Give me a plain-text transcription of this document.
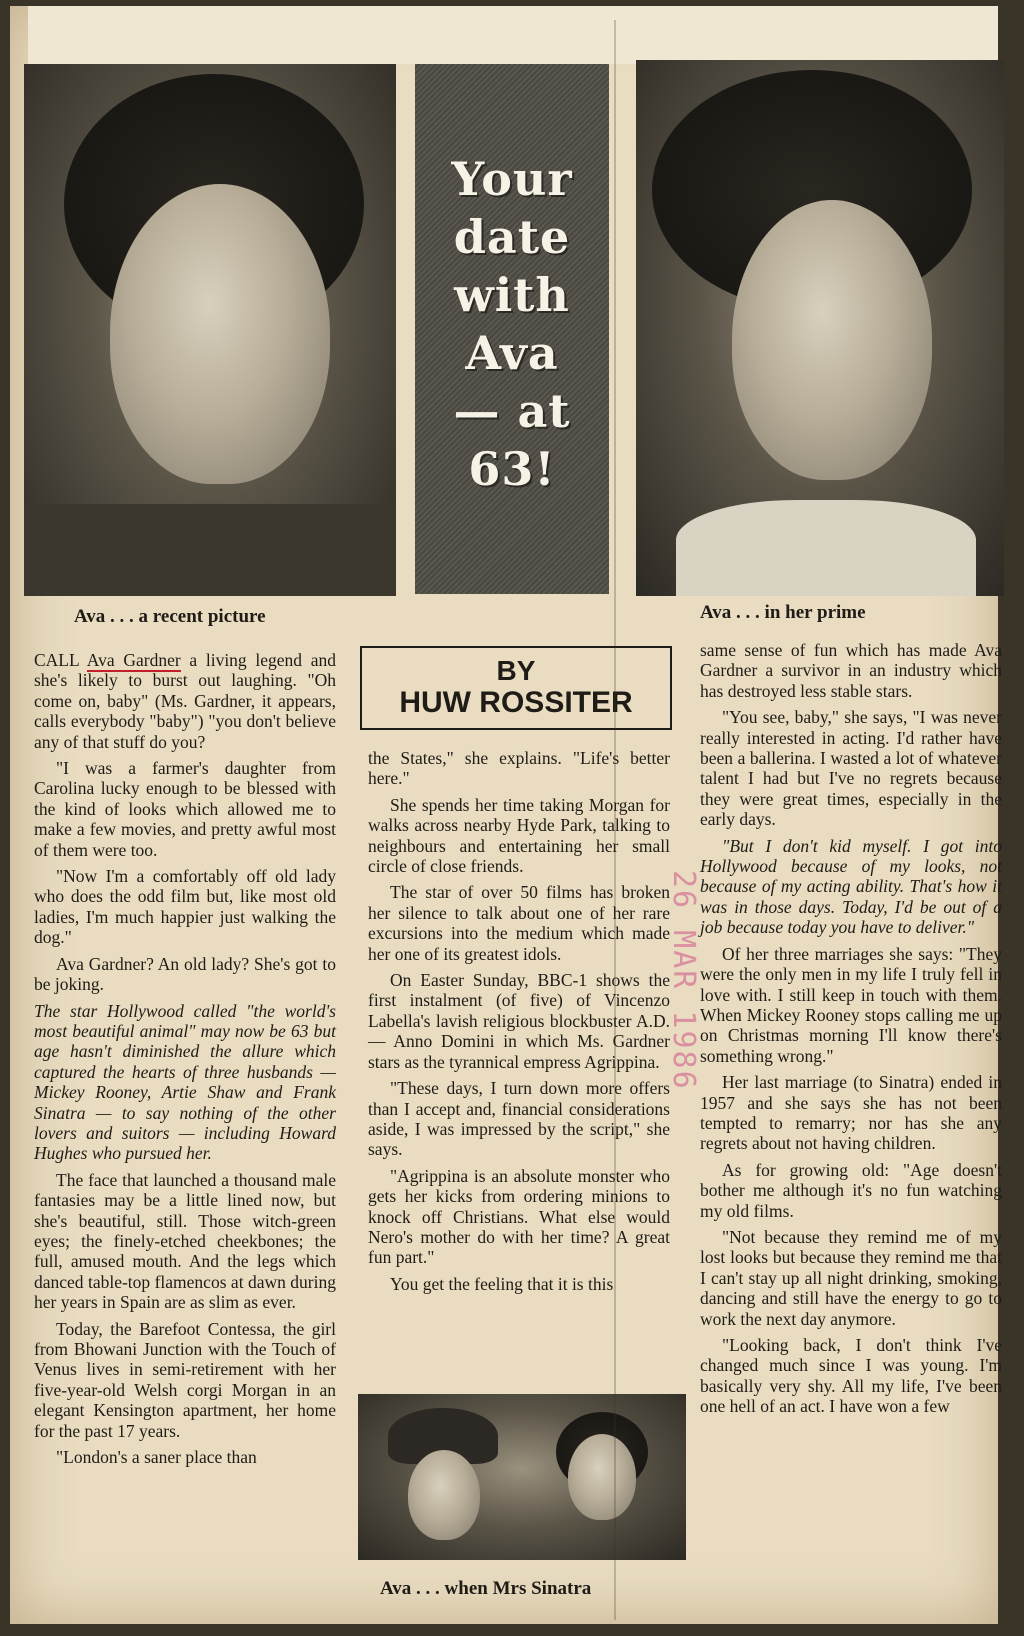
Your
date
with
Ava
— at
63!
Ava . . . a recent picture	Ava . . . in her prime

CALL Ava Gardner a living legend and she's likely to burst out laughing. "Oh come on, baby" (Ms. Gardner, it appears, calls everybody "baby") "you don't believe any of that stuff do you?

"I was a farmer's daughter from Carolina lucky enough to be blessed with the kind of looks which allowed me to make a few movies, and pretty awful most of them were too.

"Now I'm a comfortably off old lady who does the odd film but, like most old ladies, I'm much happier just walking the dog."

Ava Gardner? An old lady? She's got to be joking.

The star Hollywood called "the world's most beautiful animal" may now be 63 but age hasn't diminished the allure which captured the hearts of three husbands — Mickey Rooney, Artie Shaw and Frank Sinatra — to say nothing of the other lovers and suitors — including Howard Hughes who pursued her.

The face that launched a thousand male fantasies may be a little lined now, but she's beautiful, still. Those witch-green eyes; the finely-etched cheekbones; the full, amused mouth. And the legs which danced table-top flamencos at dawn during her years in Spain are as slim as ever.

Today, the Barefoot Contessa, the girl from Bhowani Junction with the Touch of Venus lives in semi-retirement with her five-year-old Welsh corgi Morgan in an elegant Kensington apartment, her home for the past 17 years.

"London's a saner place than

BY
HUW ROSSITER

the States," she explains. "Life's better here."

She spends her time taking Morgan for walks across nearby Hyde Park, talking to neighbours and entertaining her small circle of close friends.

The star of over 50 films has broken her silence to talk about one of her rare excursions into the medium which made her one of its greatest idols.

On Easter Sunday, BBC-1 shows the first instalment (of five) of Vincenzo Labella's lavish religious blockbuster A.D. — Anno Domini in which Ms. Gardner stars as the tyrannical empress Agrippina.

"These days, I turn down more offers than I accept and, financial considerations aside, I was impressed by the script," she says.

"Agrippina is an absolute monster who gets her kicks from ordering minions to knock off Christians. What else would Nero's mother do with her time? A great fun part."

You get the feeling that it is this

Ava . . . when Mrs Sinatra

same sense of fun which has made Ava Gardner a survivor in an industry which has destroyed less stable stars.

"You see, baby," she says, "I was never really interested in acting. I'd rather have been a ballerina. I wasted a lot of whatever talent I had but I've no regrets because they were great times, especially in the early days.

"But I don't kid myself. I got into Hollywood because of my looks, not because of my acting ability. That's how it was in those days. Today, I'd be out of a job because today you have to deliver."

Of her three marriages she says: "They were the only men in my life I truly fell in love with. I still keep in touch with them. When Mickey Rooney stops calling me up on Christmas morning I'll know there's something wrong."

Her last marriage (to Sinatra) ended in 1957 and she says she has not been tempted to remarry; nor has she any regrets about not having children.

As for growing old: "Age doesn't bother me although it's no fun watching my old films.

"Not because they remind me of my lost looks but because they remind me that I can't stay up all night drinking, smoking, dancing and still have the energy to go to work the next day anymore.

"Looking back, I don't think I've changed much since I was young. I'm basically very shy. All my life, I've been one hell of an act. I have won a few

26 MAR 1986
